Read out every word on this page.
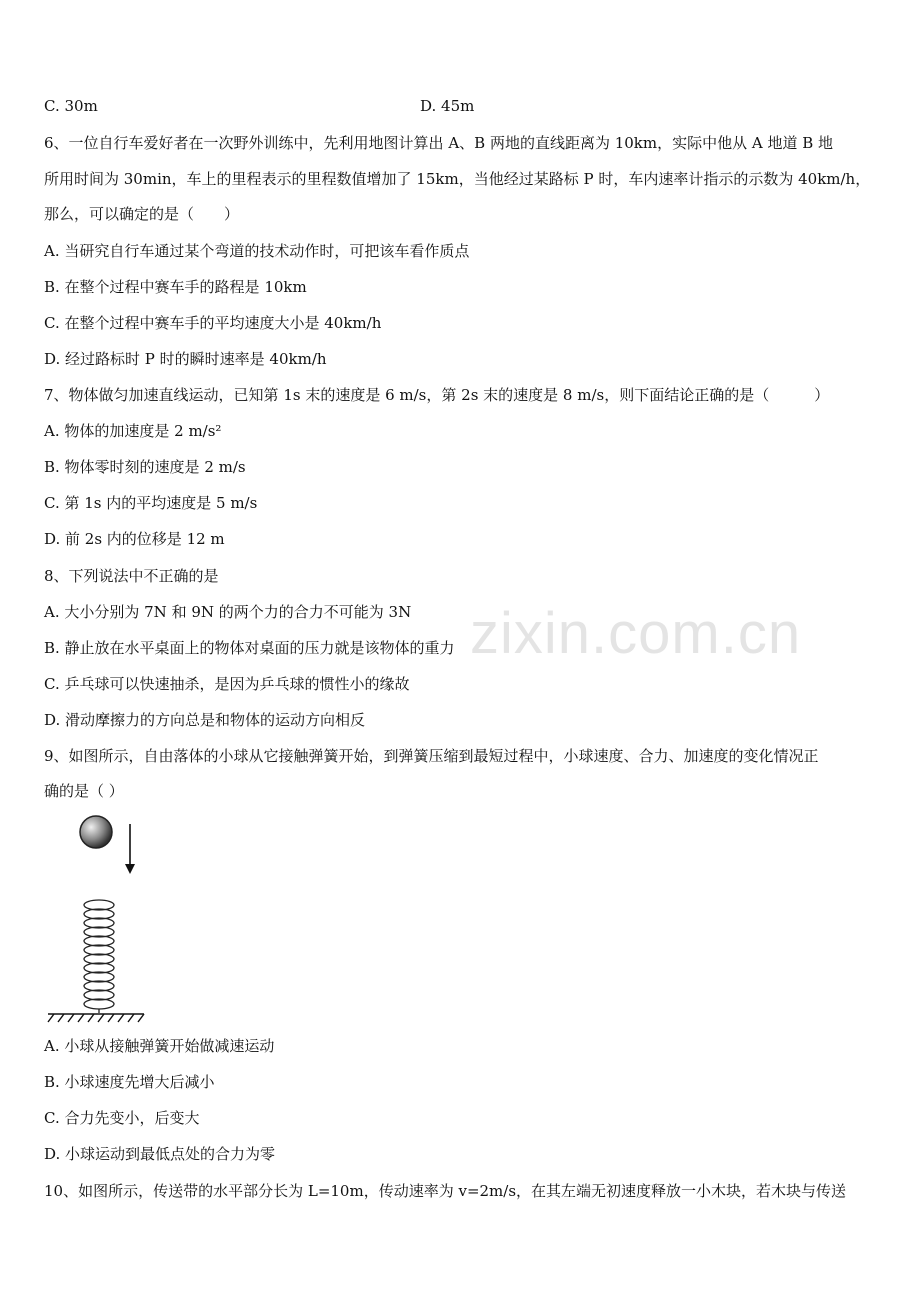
C. 30m	D. 45m
6、一位自行车爱好者在一次野外训练中，先利用地图计算出 A、B 两地的直线距离为 10km，实际中他从 A 地道 B 地
所用时间为 30min，车上的里程表示的里程数值增加了 15km，当他经过某路标 P 时，车内速率计指示的示数为 40km/h，
那么，可以确定的是（　　）
A. 当研究自行车通过某个弯道的技术动作时，可把该车看作质点
B. 在整个过程中赛车手的路程是 10km
C. 在整个过程中赛车手的平均速度大小是 40km/h
D. 经过路标时 P 时的瞬时速率是 40km/h
7、物体做匀加速直线运动，已知第 1s 末的速度是 6 m/s，第 2s 末的速度是 8 m/s，则下面结论正确的是（　　　）
A. 物体的加速度是 2 m/s²
B. 物体零时刻的速度是 2 m/s
C. 第 1s 内的平均速度是 5 m/s
D. 前 2s 内的位移是 12 m
8、下列说法中不正确的是
A. 大小分别为 7N 和 9N 的两个力的合力不可能为 3N
B. 静止放在水平桌面上的物体对桌面的压力就是该物体的重力
C. 乒乓球可以快速抽杀，是因为乒乓球的惯性小的缘故
D. 滑动摩擦力的方向总是和物体的运动方向相反
9、如图所示，自由落体的小球从它接触弹簧开始，到弹簧压缩到最短过程中，小球速度、合力、加速度的变化情况正
确的是（ ）
A. 小球从接触弹簧开始做减速运动
B. 小球速度先增大后减小
C. 合力先变小，后变大
D. 小球运动到最低点处的合力为零
10、如图所示，传送带的水平部分长为 L=10m，传动速率为 v=2m/s，在其左端无初速度释放一小木块，若木块与传送
zixin.com.cn
